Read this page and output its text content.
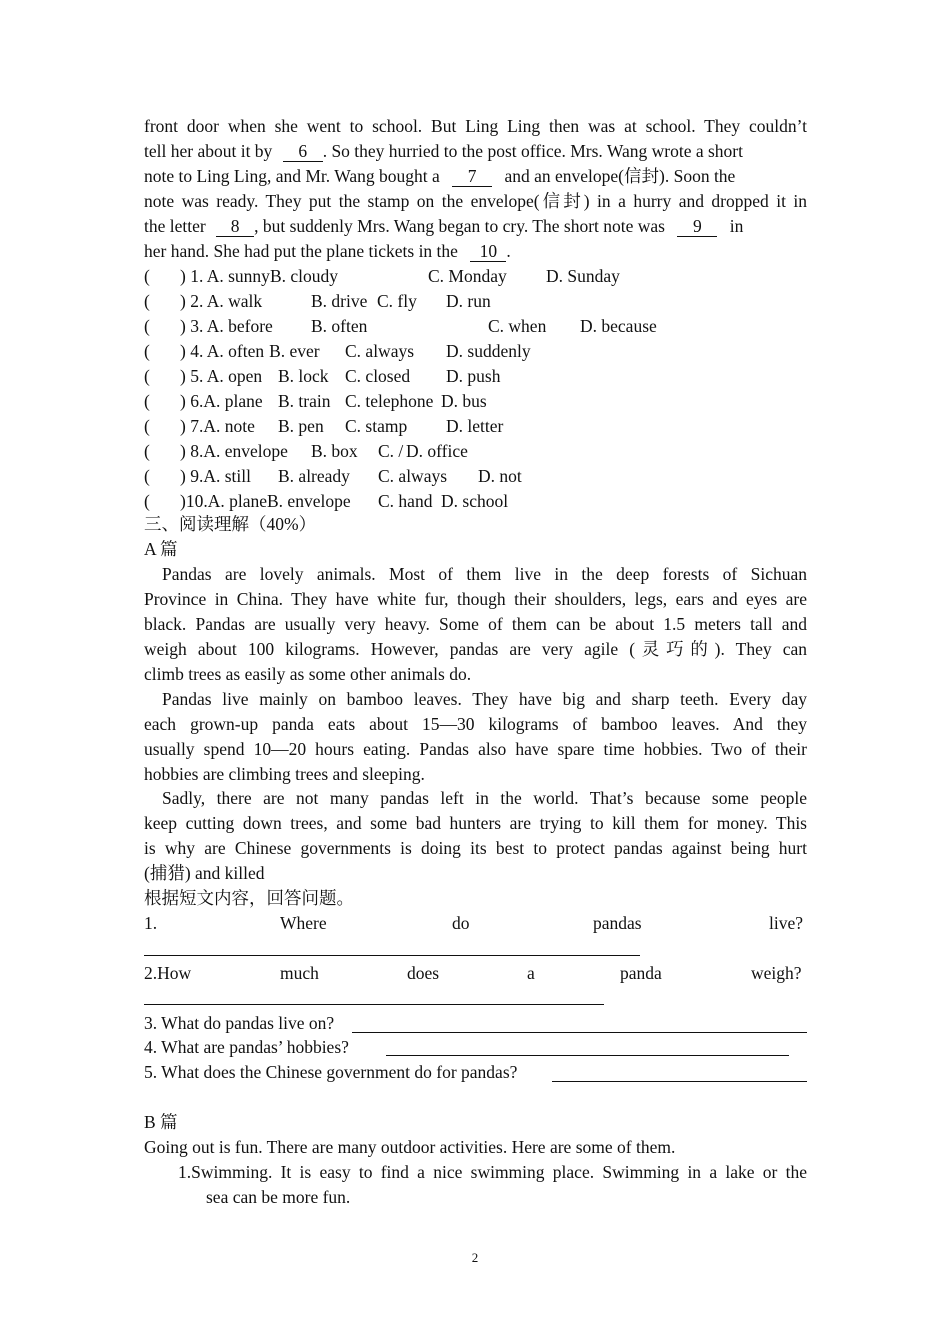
front door when she went to school. But Ling Ling then was at school. They couldn’t
tell her about it by 6 . So they hurried to the post office. Mrs. Wang wrote a short
note to Ling Ling, and Mr. Wang bought a 7 and an envelope(信封). Soon the
note was ready. They put the stamp on the envelope(信封) in a hurry and dropped it in
the letter 8 , but suddenly Mrs. Wang began to cry. The short note was 9 in
her hand. She had put the plane tickets in the 10 .
( ) 1. A. sunnyB. cloudy	C. Monday D. Sunday
( ) 2. A. walk	B. drive C. fly D. run
( ) 3. A. before B. often	C. when D. because
( ) 4. A. often B. ever C. always D. suddenly
( ) 5. A. open B. lock C. closed D. push
( ) 6.A. plane B. train C. telephone D. bus
( ) 7.A. note B. pen C. stamp D. letter
( ) 8.A. envelope B. box C. / D. office
( ) 9.A. still B. already C. always D. not
( )10.A. planeB. envelope C. hand D. school
三、阅读理解（40%）
A 篇
Pandas are lovely animals. Most of them live in the deep forests of Sichuan
Province in China. They have white fur, though their shoulders, legs, ears and eyes are
black. Pandas are usually very heavy. Some of them can be about 1.5 meters tall and
weigh about 100 kilograms. However, pandas are very agile (灵巧的). They can
climb trees as easily as some other animals do.
Pandas live mainly on bamboo leaves. They have big and sharp teeth. Every day
each grown-up panda eats about 15—30 kilograms of bamboo leaves. And they
usually spend 10—20 hours eating. Pandas also have spare time hobbies. Two of their
hobbies are climbing trees and sleeping.
Sadly, there are not many pandas left in the world. That’s because some people
keep cutting down trees, and some bad hunters are trying to kill them for money. This
is why are Chinese governments is doing its best to protect pandas against being hurt
(捕猎) and killed
根据短文内容，回答问题。
1.	Where	do	pandas	live?
2.How	much	does	a	panda	weigh?
3. What do pandas live on?
4. What are pandas’ hobbies?
5. What does the Chinese government do for pandas?
B 篇
Going out is fun. There are many outdoor activities. Here are some of them.
1.Swimming. It is easy to find a nice swimming place. Swimming in a lake or the
sea can be more fun.
2
